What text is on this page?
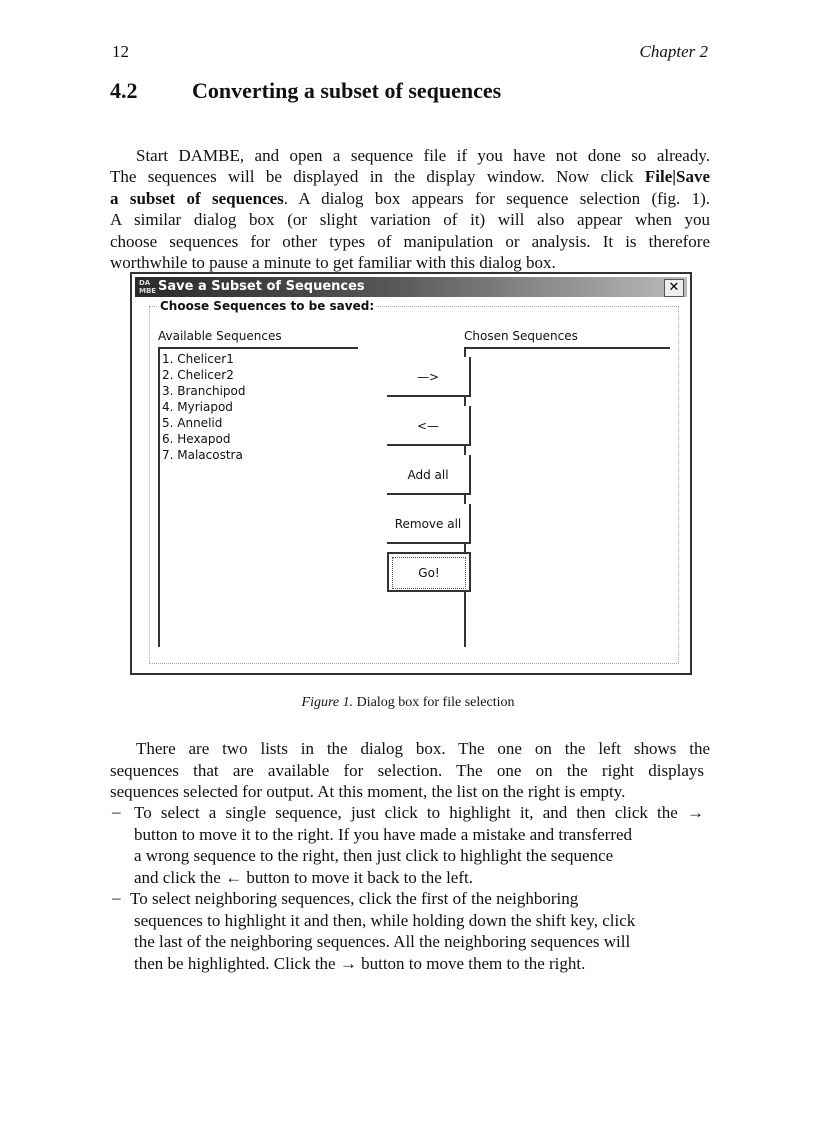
12	Chapter 2
4.2 Converting a subset of sequences
Start DAMBE, and open a sequence file if you have not done so already.
The sequences will be displayed in the display window. Now click File|Save
a subset of sequences. A dialog box appears for sequence selection (fig. 1).
A similar dialog box (or slight variation of it) will also appear when you
choose sequences for other types of manipulation or analysis. It is therefore
worthwhile to pause a minute to get familiar with this dialog box.
DA MBE Save a Subset of Sequences	✕
Choose Sequences to be saved:
Available Sequences	Chosen Sequences
1. Chelicer1
2. Chelicer2
3. Branchipod
4. Myriapod
5. Annelid
6. Hexapod
7. Malacostra
—>
<—
Add all
Remove all
Go!
Figure 1. Dialog box for file selection
There are two lists in the dialog box. The one on the left shows the
sequences that are available for selection. The one on the right displays
sequences selected for output. At this moment, the list on the right is empty.
– To select a single sequence, just click to highlight it, and then click the →
button to move it to the right. If you have made a mistake and transferred
a wrong sequence to the right, then just click to highlight the sequence
and click the ← button to move it back to the left.
– To select neighboring sequences, click the first of the neighboring
sequences to highlight it and then, while holding down the shift key, click
the last of the neighboring sequences. All the neighboring sequences will
then be highlighted. Click the → button to move them to the right.
